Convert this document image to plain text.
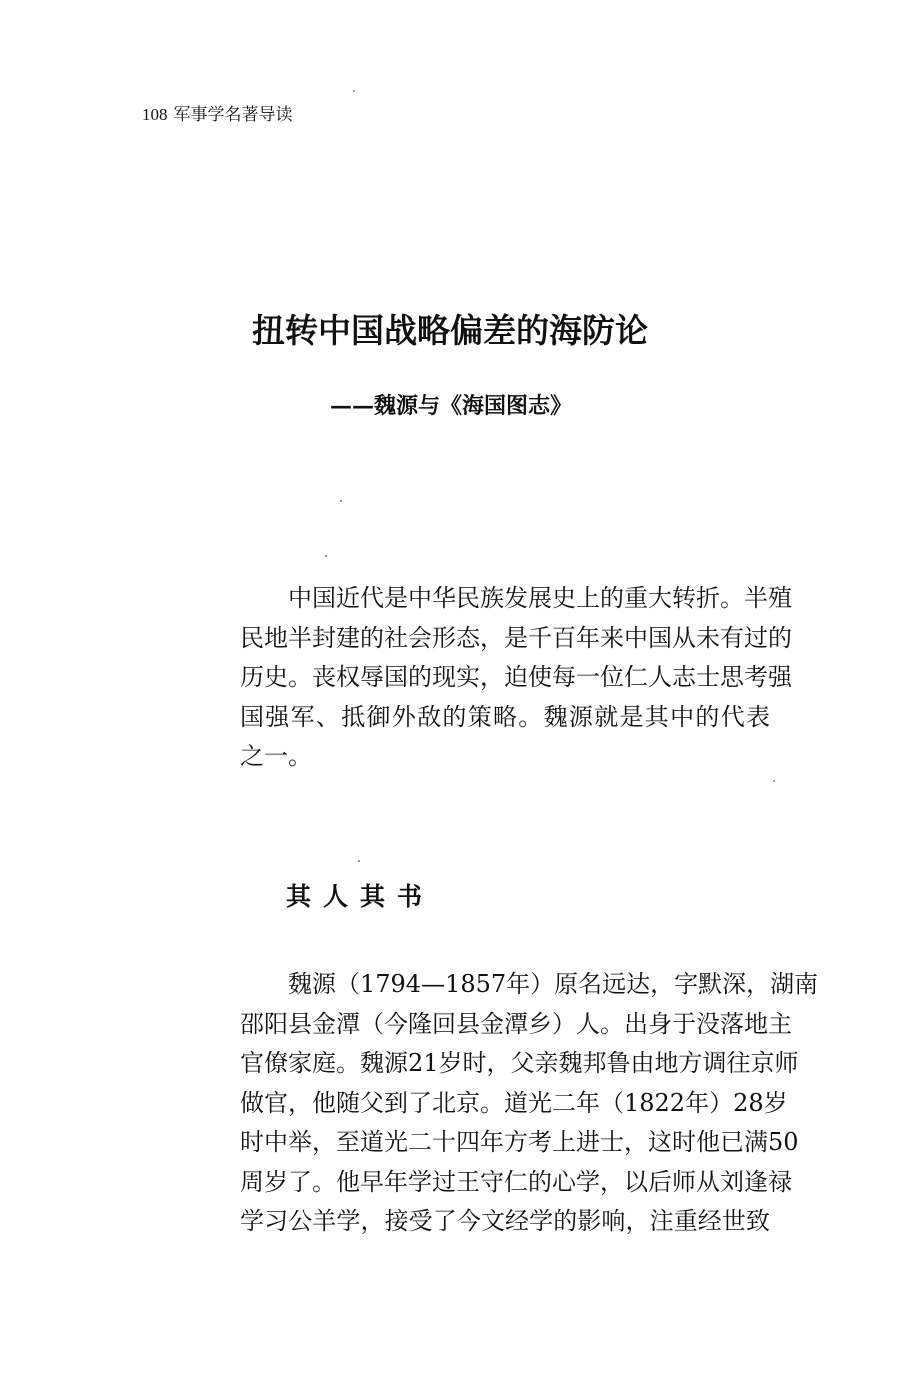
108 军事学名著导读
扭转中国战略偏差的海防论
——魏源与《海国图志》
　　中国近代是中华民族发展史上的重大转折。半殖
民地半封建的社会形态，是千百年来中国从未有过的
历史。丧权辱国的现实，迫使每一位仁人志士思考强
国强军、抵御外敌的策略。魏源就是其中的代表
之一。
其人其书
　　魏源（1794—1857年）原名远达，字默深，湖南
邵阳县金潭（今隆回县金潭乡）人。出身于没落地主
官僚家庭。魏源21岁时，父亲魏邦鲁由地方调往京师
做官，他随父到了北京。道光二年（1822年）28岁
时中举，至道光二十四年方考上进士，这时他已满50
周岁了。他早年学过王守仁的心学，以后师从刘逢禄
学习公羊学，接受了今文经学的影响，注重经世致
